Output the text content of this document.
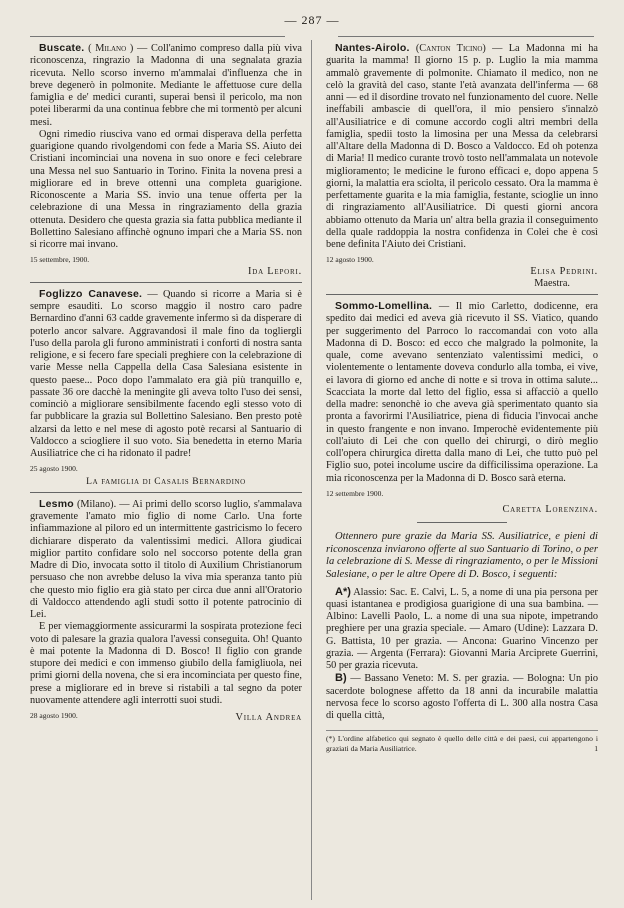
— 287 —

Buscate. ( Milano ) — Coll'animo compreso dalla più viva riconoscenza, ringrazio la Madonna di una segnalata grazia ricevuta. Nello scorso inverno m'ammalai d'influenza che in breve degenerò in polmonite. Mediante le affettuose cure della famiglia e de' medici curanti, superai bensì il pericolo, ma non potei liberarmi da una continua febbre che mi tormentò per alcuni mesi.

Ogni rimedio riusciva vano ed ormai disperava della perfetta guarigione quando rivolgendomi con fede a Maria SS. Aiuto dei Cristiani incominciai una novena in suo onore e feci celebrare una Messa nel suo Santuario in Torino. Finita la novena presi a migliorare ed in breve ottenni una completa guarigione. Riconoscente a Maria SS. invio una tenue offerta per la celebrazione di una Messa in ringraziamento della grazia ottenuta. Desidero che questa grazia sia fatta pubblica mediante il Bollettino Salesiano affinchè ognuno impari che a Maria SS. non si ricorre mai invano.

15 settembre, 1900.
Ida Lepori.

Foglizzo Canavese. — Quando si ricorre a Maria si è sempre esauditi. Lo scorso maggio il nostro caro padre Bernardino d'anni 63 cadde gravemente infermo sì da disperare di poterlo ancor salvare. Aggravandosi il male fino da togliergli l'uso della parola gli furono amministrati i conforti di nostra santa religione, e si fecero fare speciali preghiere con la celebrazione di varie Messe nella Cappella della Casa Salesiana esistente in questo paese... Poco dopo l'ammalato era già più tranquillo e, passate 36 ore dacchè la meningite gli aveva tolto l'uso dei sensi, cominciò a migliorare sensibilmente facendo egli stesso voto di far pubblicare la grazia sul Bollettino Salesiano. Ben presto potè alzarsi da letto e nel mese di agosto potè recarsi al Santuario di Valdocco a sciogliere il suo voto. Sia benedetta in eterno Maria Ausiliatrice che ci ha ridonato il padre!

25 agosto 1900.
La famiglia di Casalis Bernardino

Lesmo (Milano). — Ai primi dello scorso luglio, s'ammalava gravemente l'amato mio figlio di nome Carlo. Una forte infiammazione al piloro ed un intermittente gastricismo lo fecero dichiarare disperato da valentissimi medici. Allora giudicai miglior partito confidare solo nel soccorso potente della gran Madre di Dio, invocata sotto il titolo di Auxilium Christianorum persuaso che non avrebbe deluso la viva mia speranza tanto più che questo mio figlio era già stato per circa due anni all'Oratorio di Valdocco attendendo agli studi sotto il potente patrocinio di Lei.

E per viemaggiormente assicurarmi la sospirata protezione feci voto di palesare la grazia qualora l'avessi conseguita. Oh! Quanto è mai potente la Madonna di D. Bosco! Il figlio con grande stupore dei medici e con immenso giubilo della famigliuola, nei primi giorni della novena, che si era incominciata per questo fine, prese a migliorare ed in breve si ristabilì a tal segno da poter nuovamente attendere agli interrotti suoi studi.

28 agosto 1900.	Villa Andrea

Nantes-Airolo. (Canton Ticino) — La Madonna mi ha guarita la mamma! Il giorno 15 p. p. Luglio la mia mamma ammalò gravemente di polmonite. Chiamato il medico, non ne celò la gravità del caso, stante l'età avanzata dell'inferma — 68 anni — ed il disordine trovato nel funzionamento del cuore. Nelle ineffabili ambascie di quell'ora, il mio pensiero s'innalzò all'Ausiliatrice e di comune accordo cogli altri membri della famiglia, spedii tosto la limosina per una Messa da celebrarsi all'Altare della Madonna di D. Bosco a Valdocco. Ed oh potenza di Maria! Il medico curante trovò tosto nell'ammalata un notevole miglioramento; le medicine le furono efficaci e, dopo appena 5 giorni, la malattia era sciolta, il pericolo cessato. Ora la mamma è perfettamente guarita e la mia famiglia, festante, scioglie un inno di ringraziamento all'Ausiliatrice. Di questi giorni ancora abbiamo ottenuto da Maria un' altra bella grazia il conseguimento della quale raddoppia la nostra confidenza in Colei che è così bene definita l'Aiuto dei Cristiani.

12 agosto 1900.
Elisa Pedrini.
Maestra.

Sommo-Lomellina. — Il mio Carletto, dodicenne, era spedito dai medici ed aveva già ricevuto il SS. Viatico, quando per suggerimento del Parroco lo raccomandai con voto alla Madonna di D. Bosco: ed ecco che malgrado la polmonite, la quale, come avevano sentenziato valentissimi medici, o violentemente o lentamente doveva condurlo alla tomba, ei vive, ei lavora di giorno ed anche di notte e si trova in ottima salute... Scacciata la morte dal letto del figlio, essa si affacciò a quello della madre: senonchè io che aveva già sperimentato quanto sia pronta a favorirmi l'Ausiliatrice, piena di fiducia l'invocai anche in questo frangente e non invano. Imperochè evidentemente più coll'aiuto di Lei che con quello dei chirurgi, o dirò meglio coll'opera chirurgica diretta dalla mano di Lei, che tutto può pel Figlio suo, potei incolume uscire da difficilissima operazione. La mia riconoscenza per la Madonna di D. Bosco sarà eterna.

12 settembre 1900.
Caretta Lorenzina.

Ottennero pure grazie da Maria SS. Ausiliatrice, e pieni di riconoscenza inviarono offerte al suo Santuario di Torino, o per la celebrazione di S. Messe di ringraziamento, o per le Missioni Salesiane, o per le altre Opere di D. Bosco, i seguenti:

A*) Alassio: Sac. E. Calvi, L. 5, a nome di una pia persona per quasi istantanea e prodigiosa guarigione di una sua bambina. — Albino: Lavelli Paolo, L. a nome di una sua nipote, impetrando preghiere per una grazia speciale. — Amaro (Udine): Lazzara D. G. Battista, 10 per grazia. — Ancona: Guarino Vincenzo per grazia. — Argenta (Ferrara): Giovanni Maria Arciprete Guerrini, 50 per grazia ricevuta.

B) — Bassano Veneto: M. S. per grazia. — Bologna: Un pio sacerdote bolognese affetto da 18 anni da incurabile malattia nervosa fece lo scorso agosto l'offerta di L. 300 alla nostra Casa di quella città,

(*) L'ordine alfabetico qui segnato è quello delle città e dei paesi, cui appartengono i graziati da Maria Ausiliatrice.	1
